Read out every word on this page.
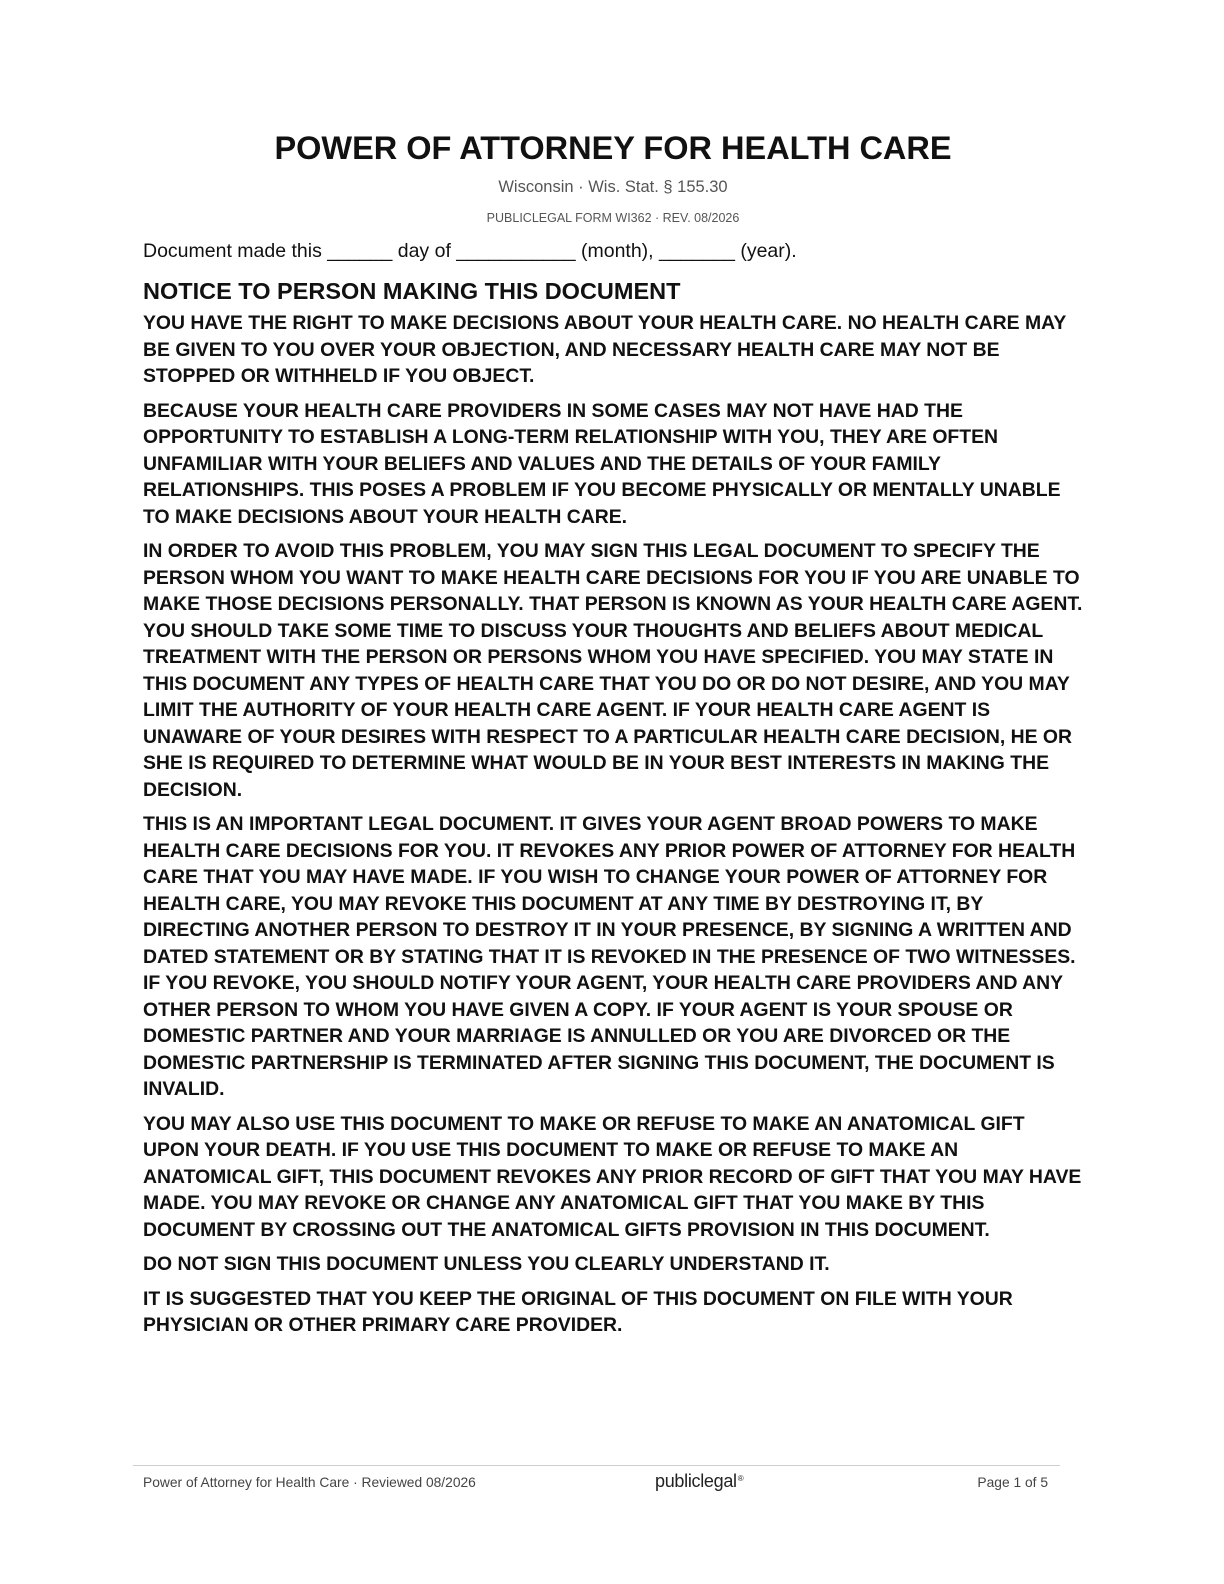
POWER OF ATTORNEY FOR HEALTH CARE
Wisconsin · Wis. Stat. § 155.30
PUBLICLEGAL FORM WI362 · REV. 08/2026
Document made this ______ day of ___________ (month), _______ (year).
NOTICE TO PERSON MAKING THIS DOCUMENT

YOU HAVE THE RIGHT TO MAKE DECISIONS ABOUT YOUR HEALTH CARE. NO HEALTH CARE MAY BE GIVEN TO YOU OVER YOUR OBJECTION, AND NECESSARY HEALTH CARE MAY NOT BE STOPPED OR WITHHELD IF YOU OBJECT.

BECAUSE YOUR HEALTH CARE PROVIDERS IN SOME CASES MAY NOT HAVE HAD THE OPPORTUNITY TO ESTABLISH A LONG-TERM RELATIONSHIP WITH YOU, THEY ARE OFTEN UNFAMILIAR WITH YOUR BELIEFS AND VALUES AND THE DETAILS OF YOUR FAMILY RELATIONSHIPS. THIS POSES A PROBLEM IF YOU BECOME PHYSICALLY OR MENTALLY UNABLE TO MAKE DECISIONS ABOUT YOUR HEALTH CARE.

IN ORDER TO AVOID THIS PROBLEM, YOU MAY SIGN THIS LEGAL DOCUMENT TO SPECIFY THE PERSON WHOM YOU WANT TO MAKE HEALTH CARE DECISIONS FOR YOU IF YOU ARE UNABLE TO MAKE THOSE DECISIONS PERSONALLY. THAT PERSON IS KNOWN AS YOUR HEALTH CARE AGENT. YOU SHOULD TAKE SOME TIME TO DISCUSS YOUR THOUGHTS AND BELIEFS ABOUT MEDICAL TREATMENT WITH THE PERSON OR PERSONS WHOM YOU HAVE SPECIFIED. YOU MAY STATE IN THIS DOCUMENT ANY TYPES OF HEALTH CARE THAT YOU DO OR DO NOT DESIRE, AND YOU MAY LIMIT THE AUTHORITY OF YOUR HEALTH CARE AGENT. IF YOUR HEALTH CARE AGENT IS UNAWARE OF YOUR DESIRES WITH RESPECT TO A PARTICULAR HEALTH CARE DECISION, HE OR SHE IS REQUIRED TO DETERMINE WHAT WOULD BE IN YOUR BEST INTERESTS IN MAKING THE DECISION.

THIS IS AN IMPORTANT LEGAL DOCUMENT. IT GIVES YOUR AGENT BROAD POWERS TO MAKE HEALTH CARE DECISIONS FOR YOU. IT REVOKES ANY PRIOR POWER OF ATTORNEY FOR HEALTH CARE THAT YOU MAY HAVE MADE. IF YOU WISH TO CHANGE YOUR POWER OF ATTORNEY FOR HEALTH CARE, YOU MAY REVOKE THIS DOCUMENT AT ANY TIME BY DESTROYING IT, BY DIRECTING ANOTHER PERSON TO DESTROY IT IN YOUR PRESENCE, BY SIGNING A WRITTEN AND DATED STATEMENT OR BY STATING THAT IT IS REVOKED IN THE PRESENCE OF TWO WITNESSES. IF YOU REVOKE, YOU SHOULD NOTIFY YOUR AGENT, YOUR HEALTH CARE PROVIDERS AND ANY OTHER PERSON TO WHOM YOU HAVE GIVEN A COPY. IF YOUR AGENT IS YOUR SPOUSE OR DOMESTIC PARTNER AND YOUR MARRIAGE IS ANNULLED OR YOU ARE DIVORCED OR THE DOMESTIC PARTNERSHIP IS TERMINATED AFTER SIGNING THIS DOCUMENT, THE DOCUMENT IS INVALID.

YOU MAY ALSO USE THIS DOCUMENT TO MAKE OR REFUSE TO MAKE AN ANATOMICAL GIFT UPON YOUR DEATH. IF YOU USE THIS DOCUMENT TO MAKE OR REFUSE TO MAKE AN ANATOMICAL GIFT, THIS DOCUMENT REVOKES ANY PRIOR RECORD OF GIFT THAT YOU MAY HAVE MADE. YOU MAY REVOKE OR CHANGE ANY ANATOMICAL GIFT THAT YOU MAKE BY THIS DOCUMENT BY CROSSING OUT THE ANATOMICAL GIFTS PROVISION IN THIS DOCUMENT.

DO NOT SIGN THIS DOCUMENT UNLESS YOU CLEARLY UNDERSTAND IT.

IT IS SUGGESTED THAT YOU KEEP THE ORIGINAL OF THIS DOCUMENT ON FILE WITH YOUR PHYSICIAN OR OTHER PRIMARY CARE PROVIDER.

Power of Attorney for Health Care · Reviewed 08/2026	publiclegal®	Page 1 of 5
